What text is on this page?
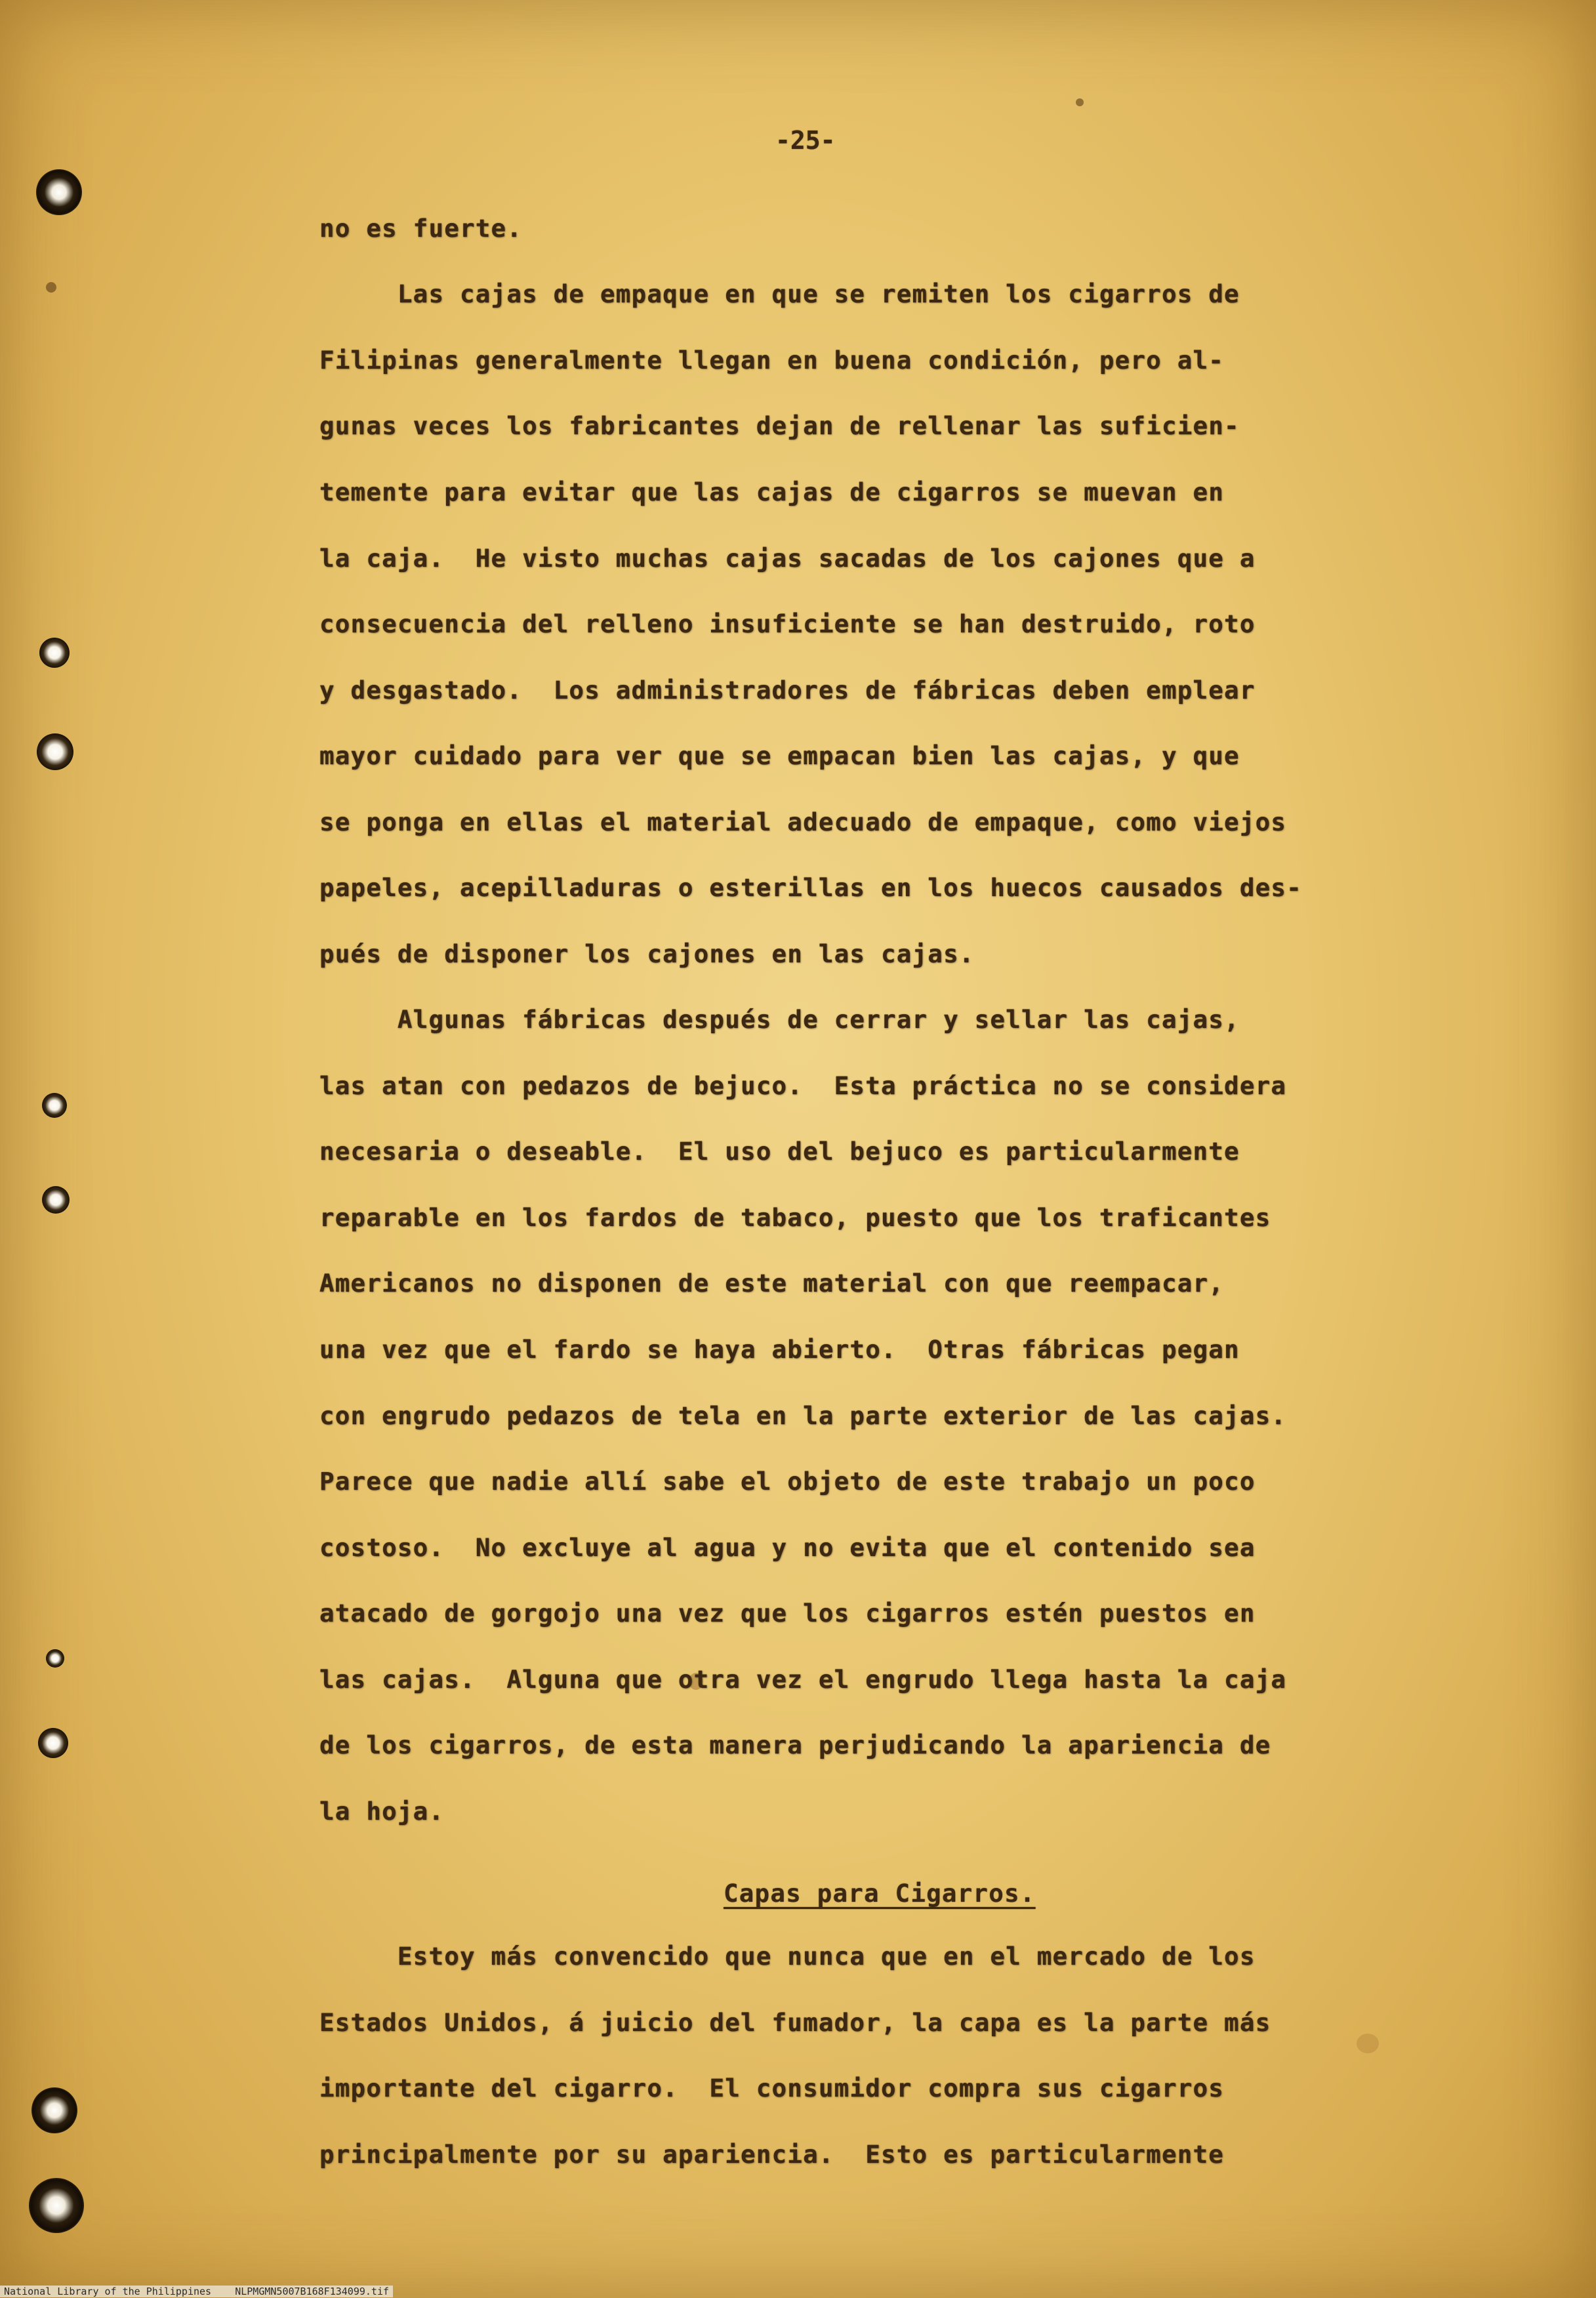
-25-
no es fuerte.
Las cajas de empaque en que se remiten los cigarros de
Filipinas generalmente llegan en buena condición, pero al-
gunas veces los fabricantes dejan de rellenar las suficien-
temente para evitar que las cajas de cigarros se muevan en
la caja.  He visto muchas cajas sacadas de los cajones que a
consecuencia del relleno insuficiente se han destruido, roto
y desgastado.  Los administradores de fábricas deben emplear
mayor cuidado para ver que se empacan bien las cajas, y que
se ponga en ellas el material adecuado de empaque, como viejos
papeles, acepilladuras o esterillas en los huecos causados des-
pués de disponer los cajones en las cajas.
Algunas fábricas después de cerrar y sellar las cajas,
las atan con pedazos de bejuco.  Esta práctica no se considera
necesaria o deseable.  El uso del bejuco es particularmente
reparable en los fardos de tabaco, puesto que los traficantes
Americanos no disponen de este material con que reempacar,
una vez que el fardo se haya abierto.  Otras fábricas pegan
con engrudo pedazos de tela en la parte exterior de las cajas.
Parece que nadie allí sabe el objeto de este trabajo un poco
costoso.  No excluye al agua y no evita que el contenido sea
atacado de gorgojo una vez que los cigarros estén puestos en
las cajas.  Alguna que otra vez el engrudo llega hasta la caja
de los cigarros, de esta manera perjudicando la apariencia de
la hoja.
Capas para Cigarros.
Estoy más convencido que nunca que en el mercado de los
Estados Unidos, á juicio del fumador, la capa es la parte más
importante del cigarro.  El consumidor compra sus cigarros
principalmente por su apariencia.  Esto es particularmente
National Library of the Philippines    NLPMGMN5007B168F134099.tif
